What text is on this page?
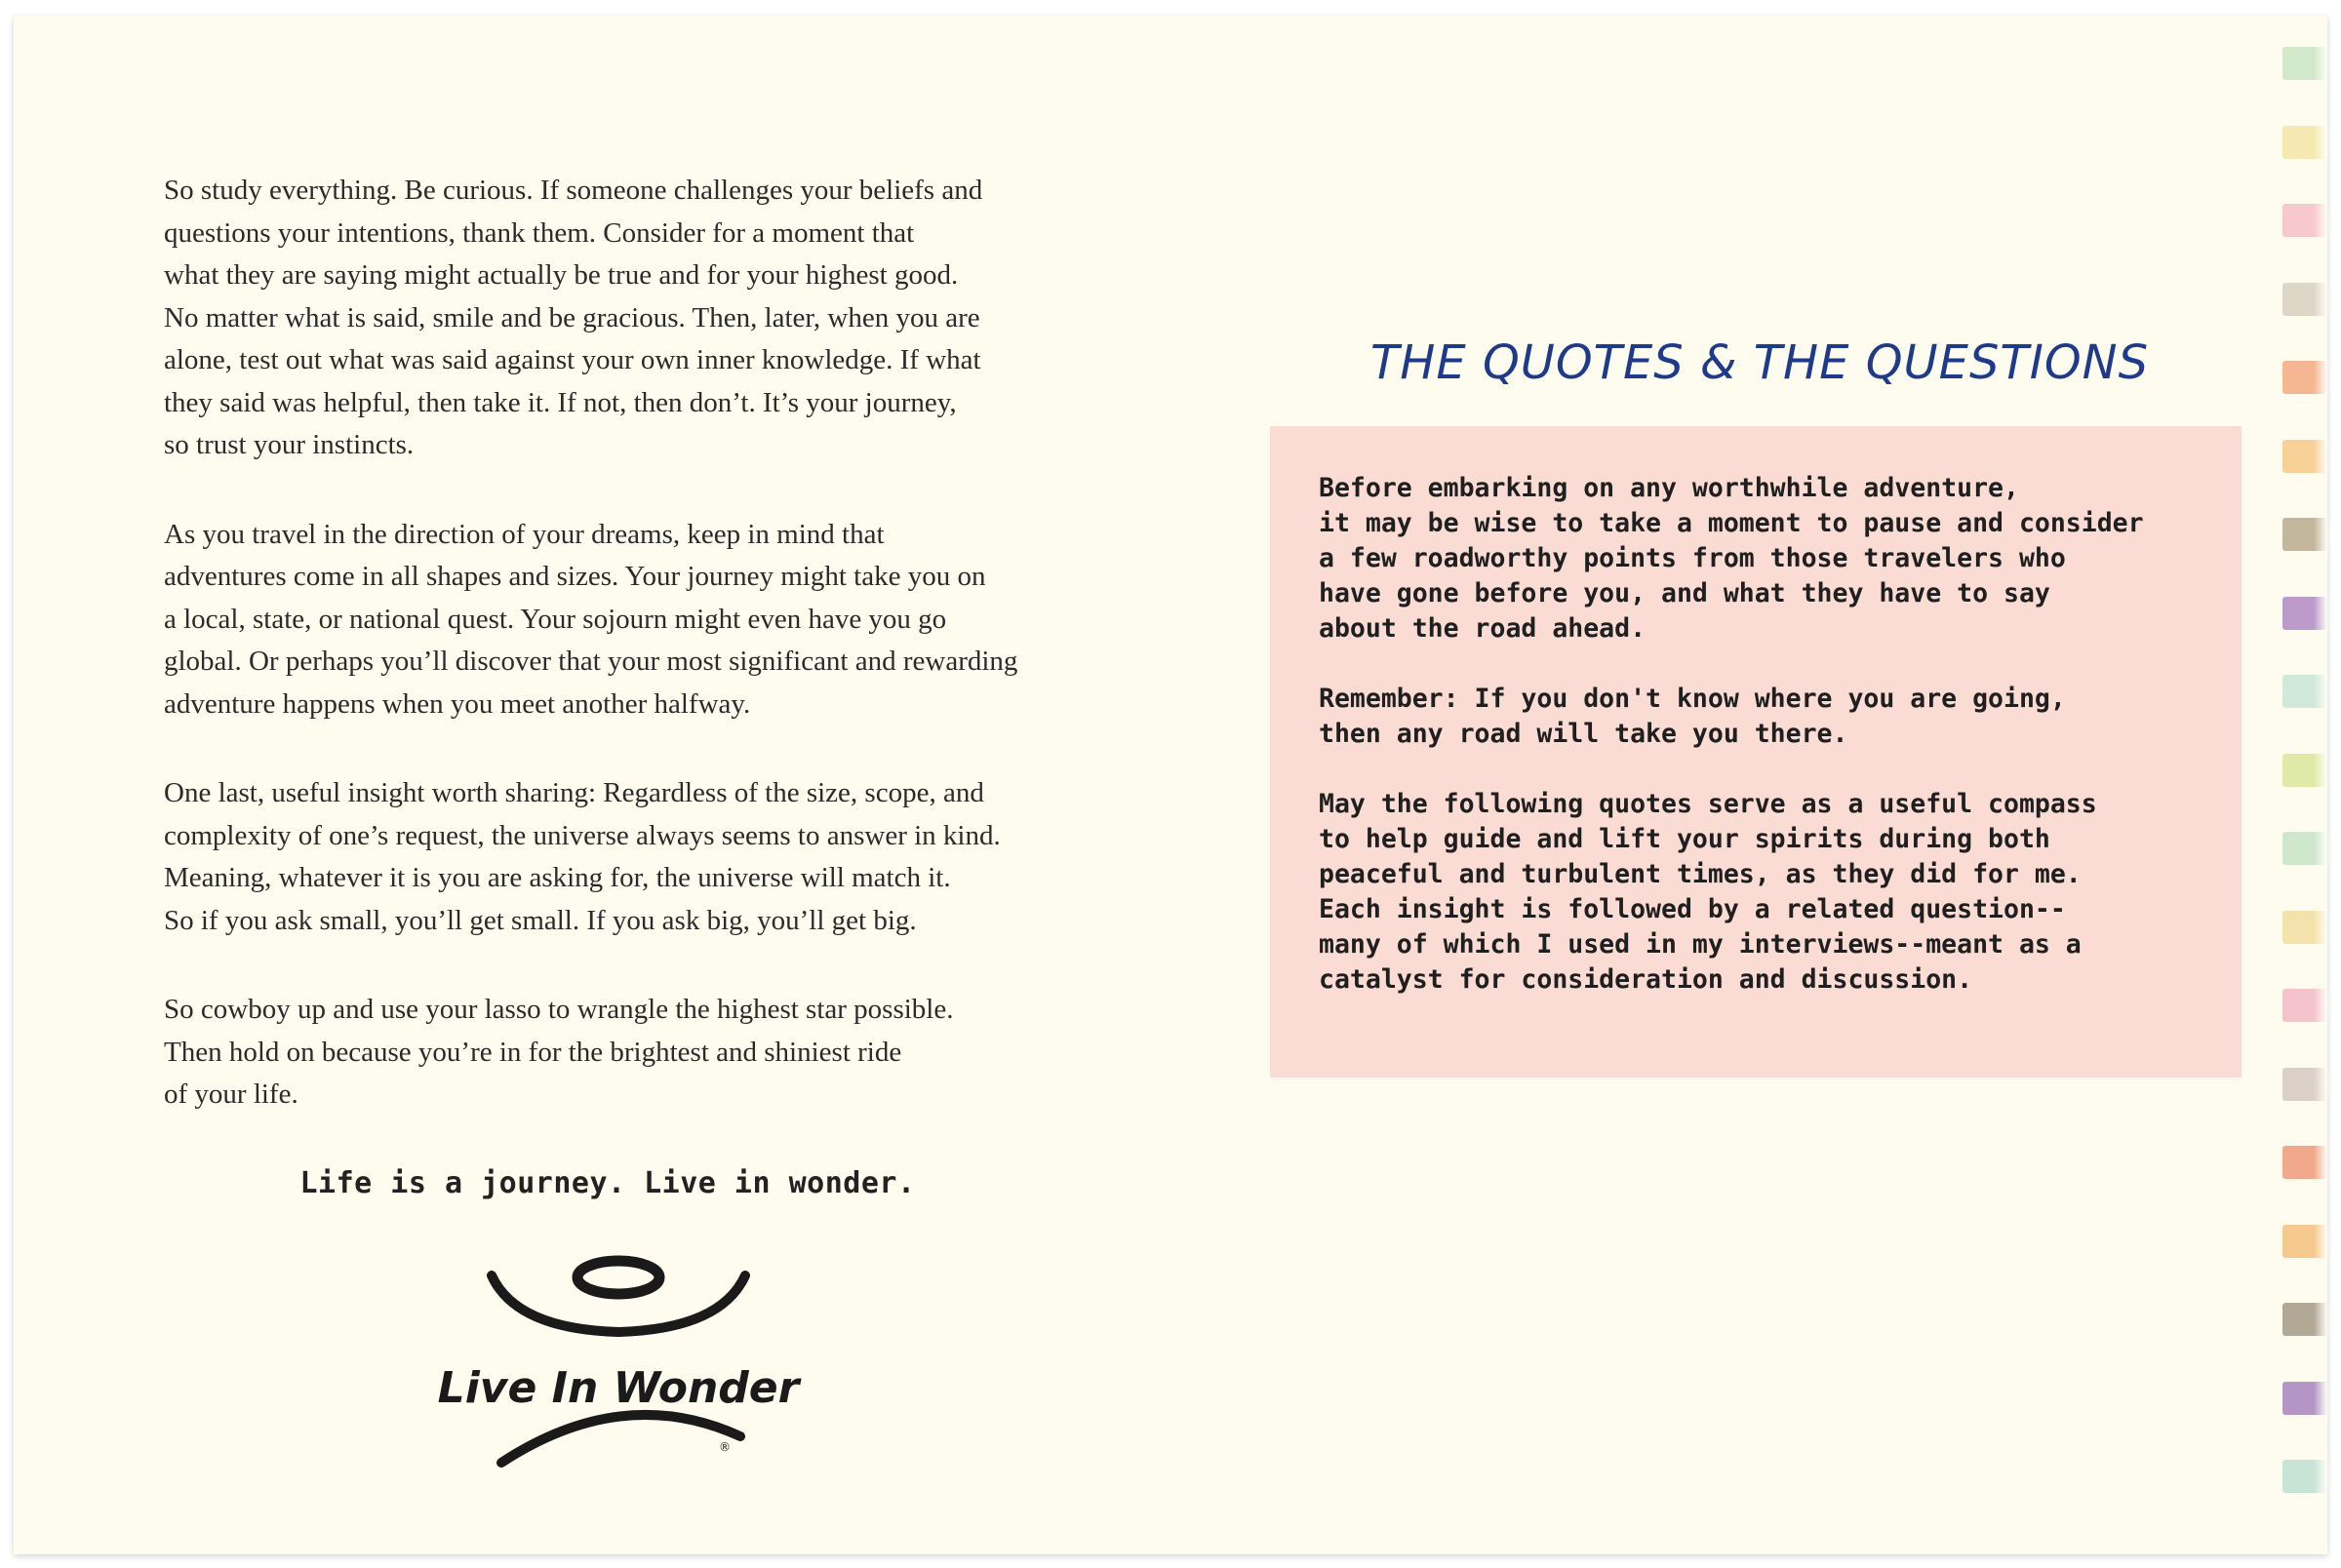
So study everything. Be curious. If someone challenges your beliefs and
questions your intentions, thank them. Consider for a moment that
what they are saying might actually be true and for your highest good.
No matter what is said, smile and be gracious. Then, later, when you are
alone, test out what was said against your own inner knowledge. If what
they said was helpful, then take it. If not, then don’t. It’s your journey,
so trust your instincts.

As you travel in the direction of your dreams, keep in mind that
adventures come in all shapes and sizes. Your journey might take you on
a local, state, or national quest. Your sojourn might even have you go
global. Or perhaps you’ll discover that your most significant and rewarding
adventure happens when you meet another halfway.

One last, useful insight worth sharing: Regardless of the size, scope, and
complexity of one’s request, the universe always seems to answer in kind.
Meaning, whatever it is you are asking for, the universe will match it.
So if you ask small, you’ll get small. If you ask big, you’ll get big.

So cowboy up and use your lasso to wrangle the highest star possible.
Then hold on because you’re in for the brightest and shiniest ride
of your life.

Life is a journey. Live in wonder.
Live In Wonder
®
THE QUOTES & THE QUESTIONS

Before embarking on any worthwhile adventure,
it may be wise to take a moment to pause and consider
a few roadworthy points from those travelers who
have gone before you, and what they have to say
about the road ahead.

Remember: If you don't know where you are going,
then any road will take you there.

May the following quotes serve as a useful compass
to help guide and lift your spirits during both
peaceful and turbulent times, as they did for me.
Each insight is followed by a related question--
many of which I used in my interviews--meant as a
catalyst for consideration and discussion.
